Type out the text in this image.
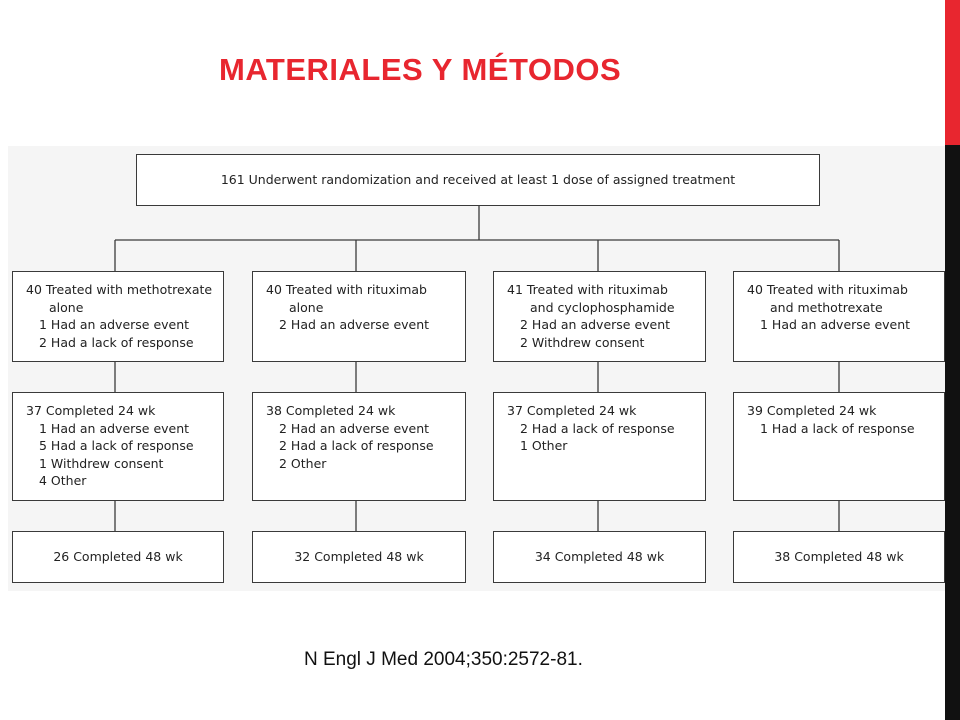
MATERIALES Y MÉTODOS
161 Underwent randomization and received at least 1 dose of assigned treatment
40 Treated with methotrexate
alone
1 Had an adverse event
2 Had a lack of response
37 Completed 24 wk
1 Had an adverse event
5 Had a lack of response
1 Withdrew consent
4 Other
26 Completed 48 wk
40 Treated with rituximab
alone
2 Had an adverse event
38 Completed 24 wk
2 Had an adverse event
2 Had a lack of response
2 Other
32 Completed 48 wk
41 Treated with rituximab
and cyclophosphamide
2 Had an adverse event
2 Withdrew consent
37 Completed 24 wk
2 Had a lack of response
1 Other
34 Completed 48 wk
40 Treated with rituximab
and methotrexate
1 Had an adverse event
39 Completed 24 wk
1 Had a lack of response
38 Completed 48 wk
N Engl J Med 2004;350:2572-81.
